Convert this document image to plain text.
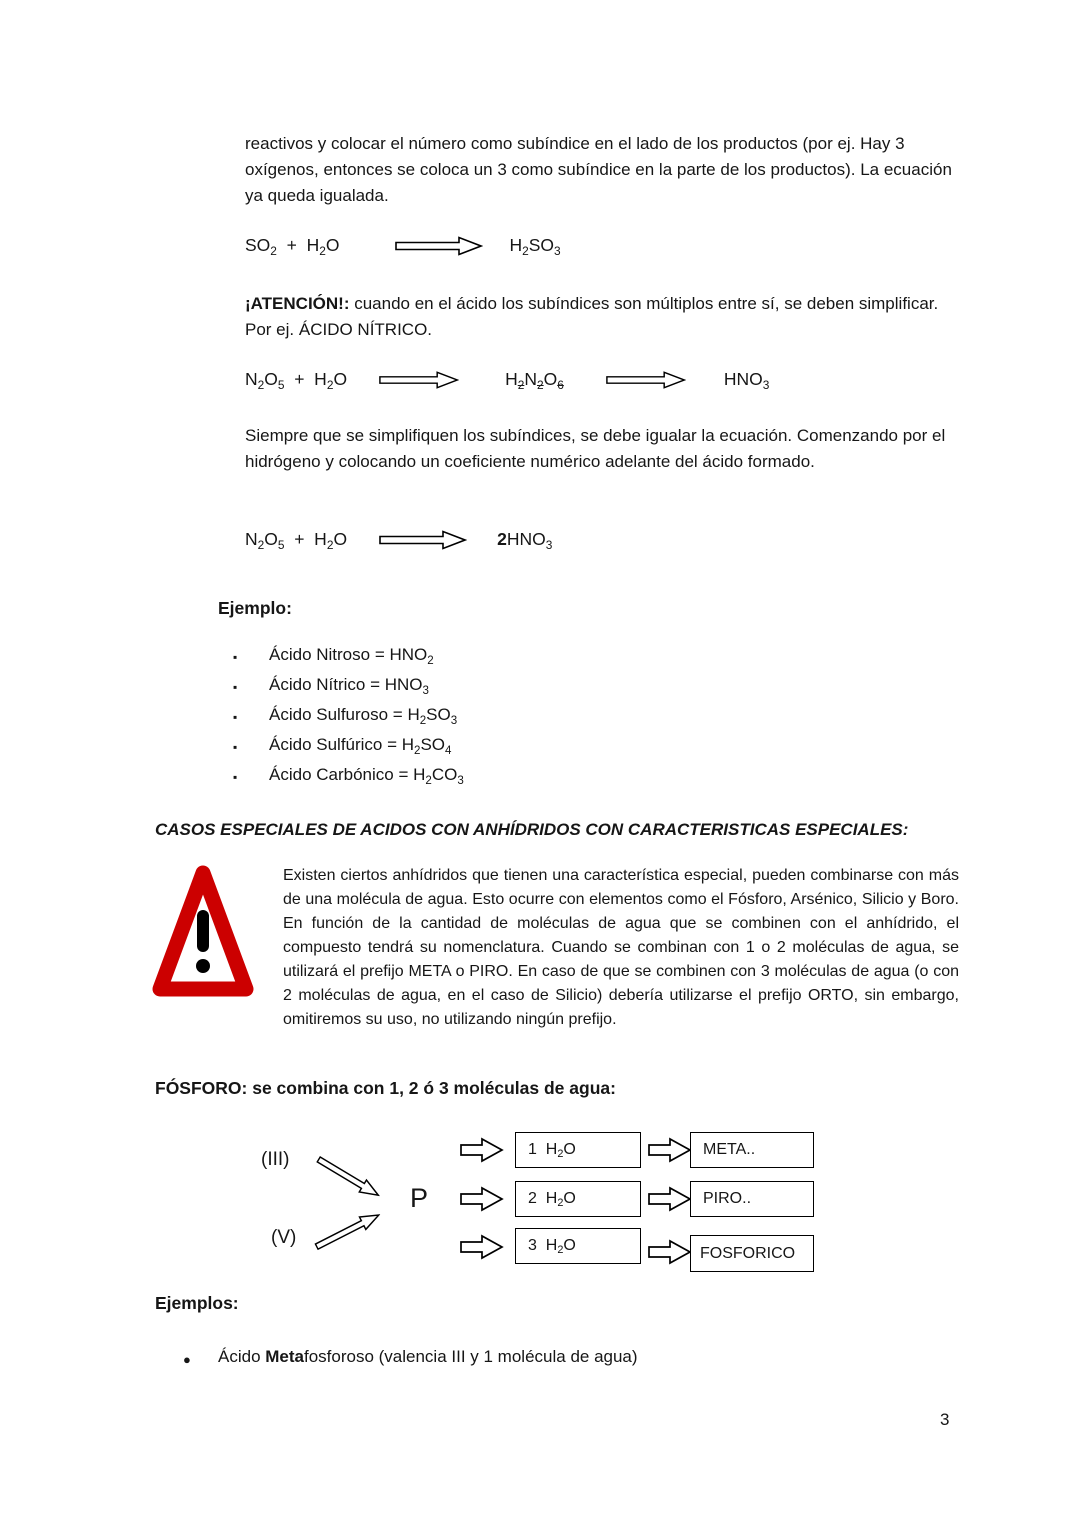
reactivos y colocar el número como subíndice en el lado de los productos (por ej. Hay 3 oxígenos, entonces se coloca un 3 como subíndice en la parte de los productos). La ecuación ya queda igualada.

$SO_2 + H_2O$	$H_2SO_3$

¡ATENCIÓN!: cuando en el ácido los subíndices son múltiplos entre sí, se deben simplificar. Por ej. ÁCIDO NÍTRICO.

$N_2O_5 + H_2O$	$H_2N_2O_6$	$HNO_3$

Siempre que se simplifiquen los subíndices, se debe igualar la ecuación. Comenzando por el hidrógeno y colocando un coeficiente numérico adelante del ácido formado.

$N_2O_5 + H_2O$	$2HNO_3$
Ejemplo:
▪	Ácido Nitroso = $HNO_2$
▪	Ácido Nítrico = $HNO_3$
▪	Ácido Sulfuroso = $H_2SO_3$
▪	Ácido Sulfúrico = $H_2SO_4$
▪	Ácido Carbónico = $H_2CO_3$
CASOS ESPECIALES DE ACIDOS CON ANHÍDRIDOS CON CARACTERISTICAS ESPECIALES:

Existen ciertos anhídridos que tienen una característica especial, pueden combinarse con más de una molécula de agua. Esto ocurre con elementos como el Fósforo, Arsénico, Silicio y Boro. En función de la cantidad de moléculas de agua que se combinen con el anhídrido, el compuesto tendrá su nomenclatura. Cuando se combinan con 1 o 2 moléculas de agua, se utilizará el prefijo META o PIRO. En caso de que se combinen con 3 moléculas de agua (o con 2 moléculas de agua, en el caso de Silicio) debería utilizarse el prefijo ORTO, sin embargo, omitiremos su uso, no utilizando ningún prefijo.

FÓSFORO: se combina con 1, 2 ó 3 moléculas de agua:
(III)
(V)
P
1  $H_2$ O
2  $H_2$ O
3  $H_2$ O
META..
PIRO..
FOSFORICO
Ejemplos:
●	Ácido Metafosforoso (valencia III y 1 molécula de agua)
3
